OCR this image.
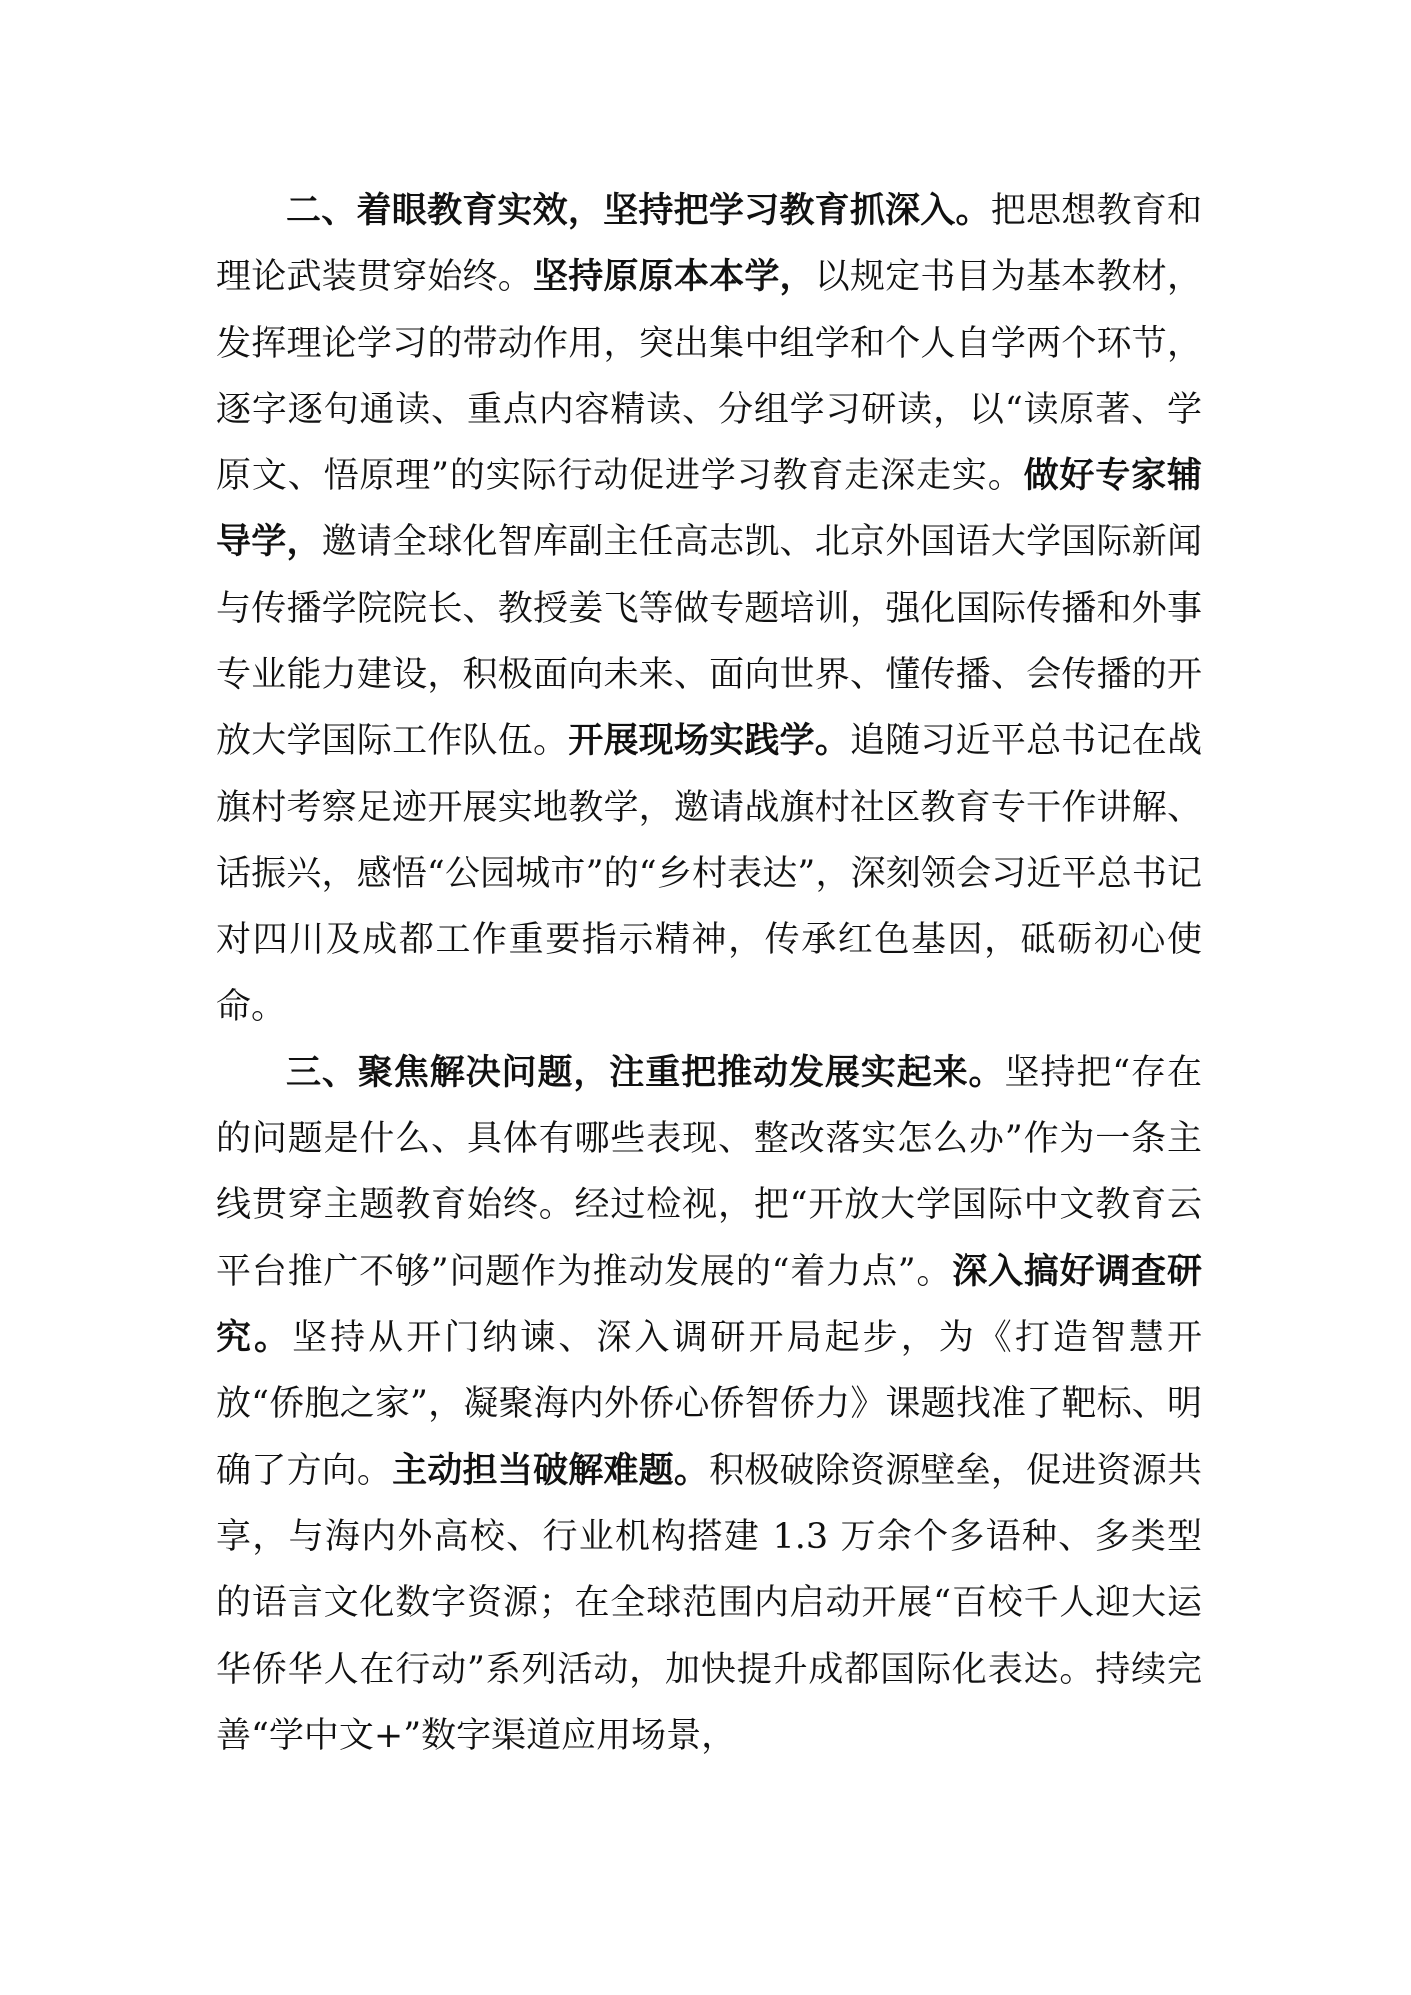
二、着眼教育实效，坚持把学习教育抓深入。把思想教育和理论武装贯穿始终。坚持原原本本学，以规定书目为基本教材，发挥理论学习的带动作用，突出集中组学和个人自学两个环节，逐字逐句通读、重点内容精读、分组学习研读，以“读原著、学原文、悟原理”的实际行动促进学习教育走深走实。做好专家辅导学，邀请全球化智库副主任高志凯、北京外国语大学国际新闻与传播学院院长、教授姜飞等做专题培训，强化国际传播和外事专业能力建设，积极面向未来、面向世界、懂传播、会传播的开放大学国际工作队伍。开展现场实践学。追随习近平总书记在战旗村考察足迹开展实地教学，邀请战旗村社区教育专干作讲解、话振兴，感悟“公园城市”的“乡村表达”，深刻领会习近平总书记对四川及成都工作重要指示精神，传承红色基因，砥砺初心使命。

三、聚焦解决问题，注重把推动发展实起来。坚持把“存在的问题是什么、具体有哪些表现、整改落实怎么办”作为一条主线贯穿主题教育始终。经过检视，把“开放大学国际中文教育云平台推广不够”问题作为推动发展的“着力点”。深入搞好调查研究。坚持从开门纳谏、深入调研开局起步，为《打造智慧开放“侨胞之家”，凝聚海内外侨心侨智侨力》课题找准了靶标、明确了方向。主动担当破解难题。积极破除资源壁垒，促进资源共享，与海内外高校、行业机构搭建 1.3 万余个多语种、多类型的语言文化数字资源；在全球范围内启动开展“百校千人迎大运 华侨华人在行动”系列活动，加快提升成都国际化表达。持续完善“学中文+”数字渠道应用场景，
